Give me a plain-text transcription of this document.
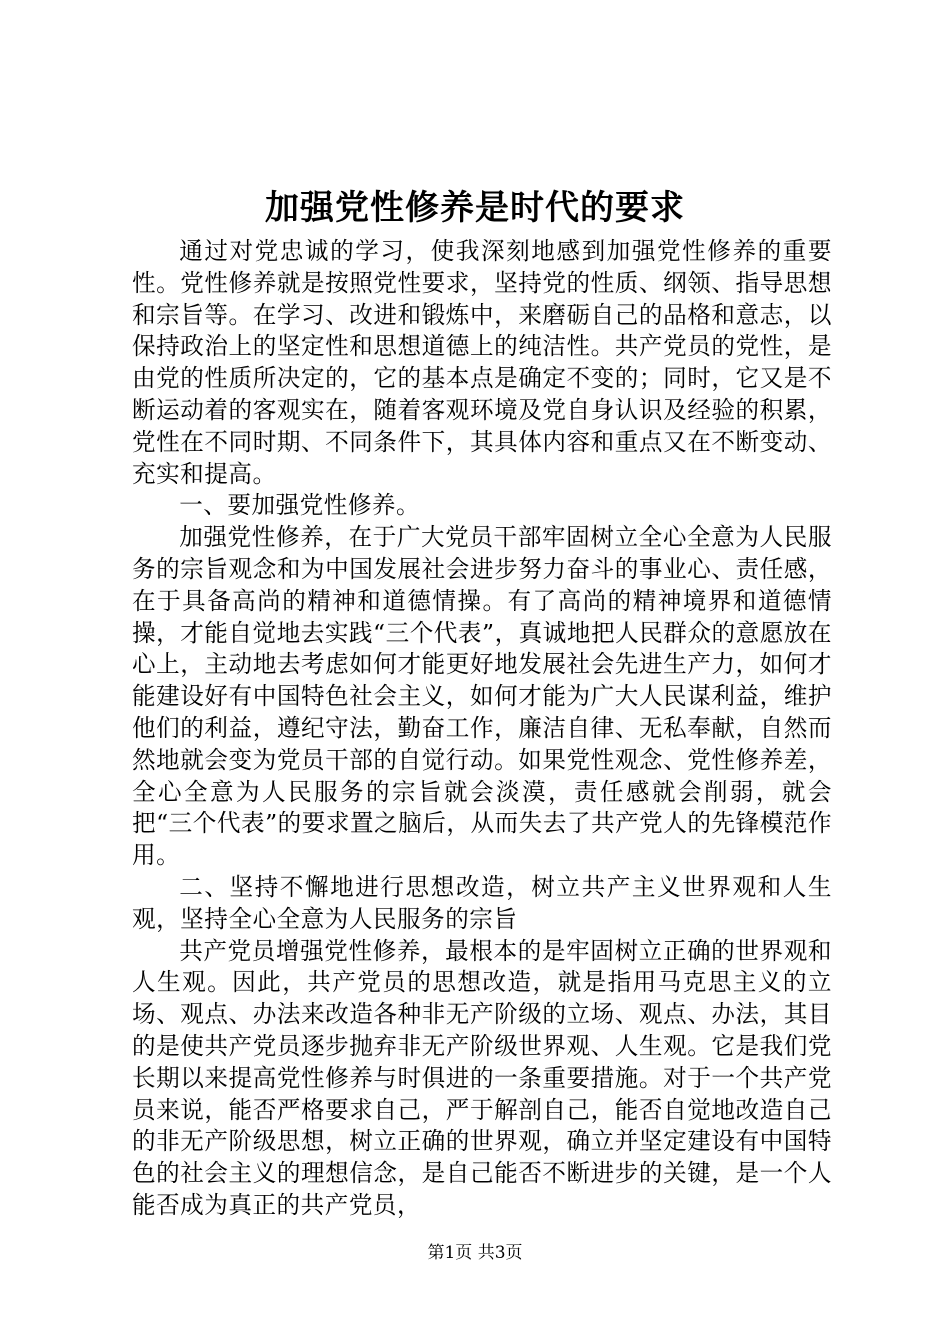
加强党性修养是时代的要求

通过对党忠诚的学习，使我深刻地感到加强党性修养的重要性。党性修养就是按照党性要求，坚持党的性质、纲领、指导思想和宗旨等。在学习、改进和锻炼中，来磨砺自己的品格和意志，以保持政治上的坚定性和思想道德上的纯洁性。共产党员的党性，是由党的性质所决定的，它的基本点是确定不变的；同时，它又是不断运动着的客观实在，随着客观环境及党自身认识及经验的积累，党性在不同时期、不同条件下，其具体内容和重点又在不断变动、充实和提高。

一、要加强党性修养。

加强党性修养，在于广大党员干部牢固树立全心全意为人民服务的宗旨观念和为中国发展社会进步努力奋斗的事业心、责任感，在于具备高尚的精神和道德情操。有了高尚的精神境界和道德情操，才能自觉地去实践“三个代表”，真诚地把人民群众的意愿放在心上，主动地去考虑如何才能更好地发展社会先进生产力，如何才能建设好有中国特色社会主义，如何才能为广大人民谋利益，维护他们的利益，遵纪守法，勤奋工作，廉洁自律、无私奉献，自然而然地就会变为党员干部的自觉行动。如果党性观念、党性修养差，全心全意为人民服务的宗旨就会淡漠，责任感就会削弱，就会把“三个代表”的要求置之脑后，从而失去了共产党人的先锋模范作用。

二、坚持不懈地进行思想改造，树立共产主义世界观和人生观，坚持全心全意为人民服务的宗旨

共产党员增强党性修养，最根本的是牢固树立正确的世界观和人生观。因此，共产党员的思想改造，就是指用马克思主义的立场、观点、办法来改造各种非无产阶级的立场、观点、办法，其目的是使共产党员逐步抛弃非无产阶级世界观、人生观。它是我们党长期以来提高党性修养与时俱进的一条重要措施。对于一个共产党员来说，能否严格要求自己，严于解剖自己，能否自觉地改造自己的非无产阶级思想，树立正确的世界观，确立并坚定建设有中国特色的社会主义的理想信念，是自己能否不断进步的关键，是一个人能否成为真正的共产党员，

第1页 共3页
